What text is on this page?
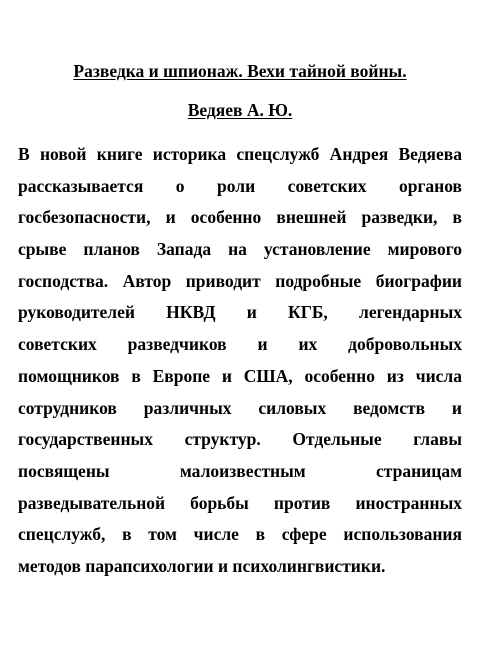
Разведка и шпионаж. Вехи тайной войны.
Ведяев А. Ю.
В новой книге историка спецслужб Андрея Ведяева
рассказывается о роли советских органов
госбезопасности, и особенно внешней разведки, в
срыве планов Запада на установление мирового
господства. Автор приводит подробные биографии
руководителей НКВД и КГБ, легендарных
советских разведчиков и их добровольных
помощников в Европе и США, особенно из числа
сотрудников различных силовых ведомств и
государственных структур. Отдельные главы
посвящены малоизвестным страницам
разведывательной борьбы против иностранных
спецслужб, в том числе в сфере использования
методов парапсихологии и психолингвистики.
